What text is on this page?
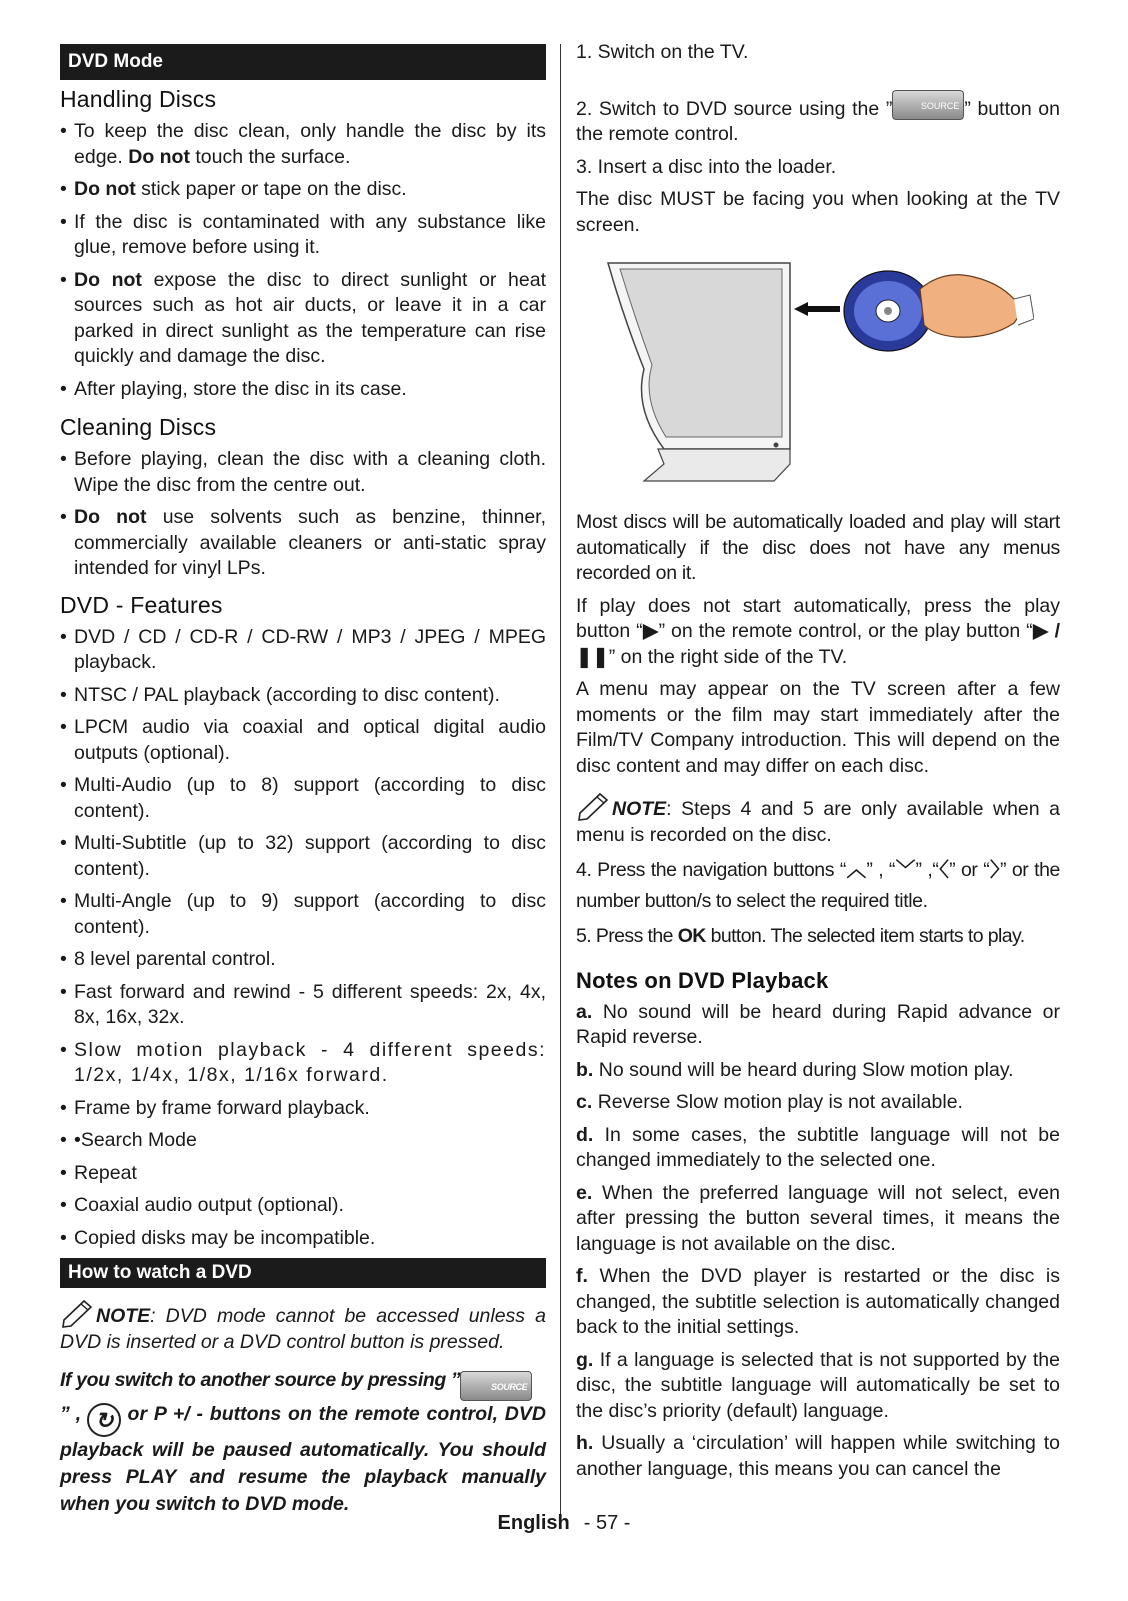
DVD Mode
Handling Discs
• To keep the disc clean, only handle the disc by its edge. Do not touch the surface.
• Do not stick paper or tape on the disc.
• If the disc is contaminated with any substance like glue, remove before using it.
• Do not expose the disc to direct sunlight or heat sources such as hot air ducts, or leave it in a car parked in direct sunlight as the temperature can rise quickly and damage the disc.
• After playing, store the disc in its case.
Cleaning Discs
• Before playing, clean the disc with a cleaning cloth. Wipe the disc from the centre out.
• Do not use solvents such as benzine, thinner, commercially available cleaners or anti-static spray intended for vinyl LPs.
DVD - Features
• DVD / CD / CD-R / CD-RW / MP3 / JPEG / MPEG playback.
• NTSC / PAL playback (according to disc content).
• LPCM audio via coaxial and optical digital audio outputs (optional).
• Multi-Audio (up to 8) support (according to disc content).
• Multi-Subtitle (up to 32) support (according to disc content).
• Multi-Angle (up to 9) support (according to disc content).
• 8 level parental control.
• Fast forward and rewind - 5 different speeds: 2x, 4x, 8x, 16x, 32x.
• Slow motion playback - 4 different speeds: 1/2x, 1/4x, 1/8x, 1/16x forward.
• Frame by frame forward playback.
• •Search Mode
• Repeat
• Coaxial audio output (optional).
• Copied disks may be incompatible.
How to watch a DVD

NOTE: DVD mode cannot be accessed unless a DVD is inserted or a DVD control button is pressed.

If you switch to another source by pressing ”	SOURCE
” , ↻ or P +/ - buttons on the remote control, DVD playback will be paused automatically. You should press PLAY and resume the playback manually when you switch to DVD mode.

1. Switch on the TV.

2. Switch to DVD source using the ”	SOURCE ” button on the remote control.

3. Insert a disc into the loader.

The disc MUST be facing you when looking at the TV screen.

Most discs will be automatically loaded and play will start automatically if the disc does not have any menus recorded on it.

If play does not start automatically, press the play button “▶” on the remote control, or the play button “▶ / ❚❚” on the right side of the TV.

A menu may appear on the TV screen after a few moments or the film may start immediately after the Film/TV Company introduction. This will depend on the disc content and may differ on each disc.

NOTE: Steps 4 and 5 are only available when a menu is recorded on the disc.

4. Press the navigation buttons “︿” , “﹀” ,“〈” or “〉” or the number button/s to select the required title.

5. Press the OK button. The selected item starts to play.

Notes on DVD Playback

a. No sound will be heard during Rapid advance or Rapid reverse.

b. No sound will be heard during Slow motion play.

c. Reverse Slow motion play is not available.

d. In some cases, the subtitle language will not be changed immediately to the selected one.

e. When the preferred language will not select, even after pressing the button several times, it means the language is not available on the disc.

f. When the DVD player is restarted or the disc is changed, the subtitle selection is automatically changed back to the initial settings.

g. If a language is selected that is not supported by the disc, the subtitle language will automatically be set to the disc’s priority (default) language.

h. Usually a ‘circulation’ will happen while switching to another language, this means you can cancel the

English - 57 -
